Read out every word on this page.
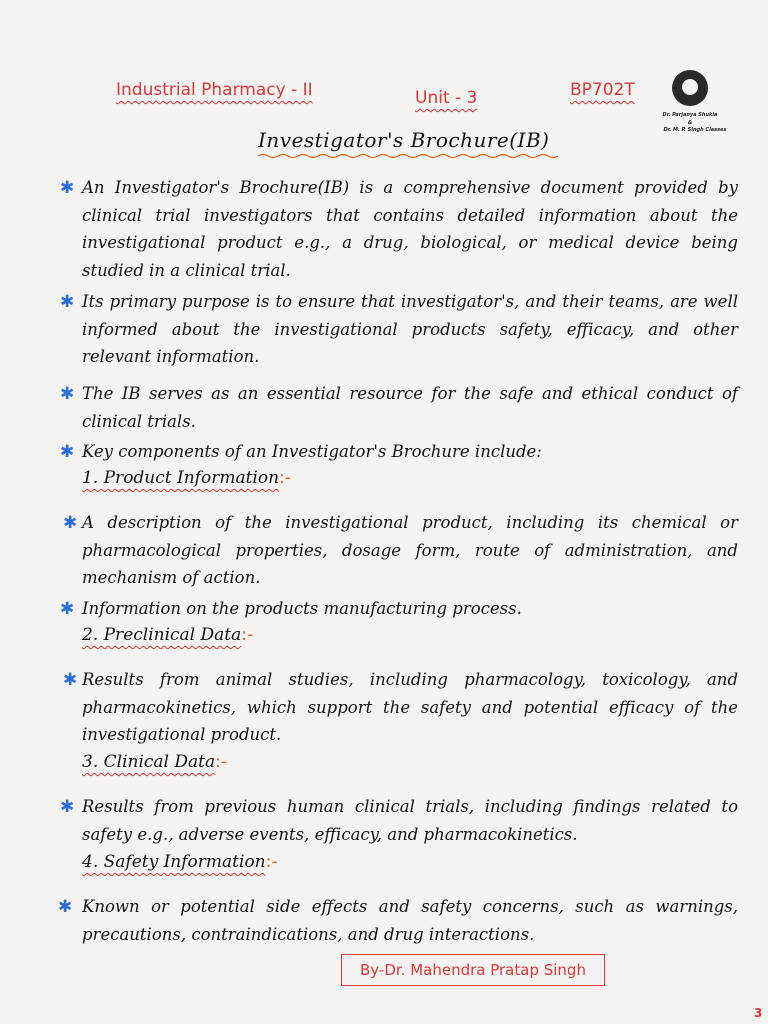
Industrial Pharmacy - II	Unit - 3	BP702T
Dr. Parjanya Shukla
&
Dr. M. P. Singh Classes
Investigator's Brochure(IB)
✱ An Investigator's Brochure(IB) is a comprehensive document provided by clinical trial investigators that contains detailed information about the investigational product e.g., a drug, biological, or medical device being studied in a clinical trial.
✱ Its primary purpose is to ensure that investigator's, and their teams, are well informed about the investigational products safety, efficacy, and other relevant information.
✱ The IB serves as an essential resource for the safe and ethical conduct of clinical trials.
✱ Key components of an Investigator's Brochure include:
1. Product Information:-
✱ A description of the investigational product, including its chemical or pharmacological properties, dosage form, route of administration, and mechanism of action.
✱ Information on the products manufacturing process.
2. Preclinical Data:-
✱ Results from animal studies, including pharmacology, toxicology, and pharmacokinetics, which support the safety and potential efficacy of the investigational product.
3. Clinical Data:-
✱ Results from previous human clinical trials, including findings related to safety e.g., adverse events, efficacy, and pharmacokinetics.
4. Safety Information:-
✱ Known or potential side effects and safety concerns, such as warnings, precautions, contraindications, and drug interactions.
By-Dr. Mahendra Pratap Singh
3
